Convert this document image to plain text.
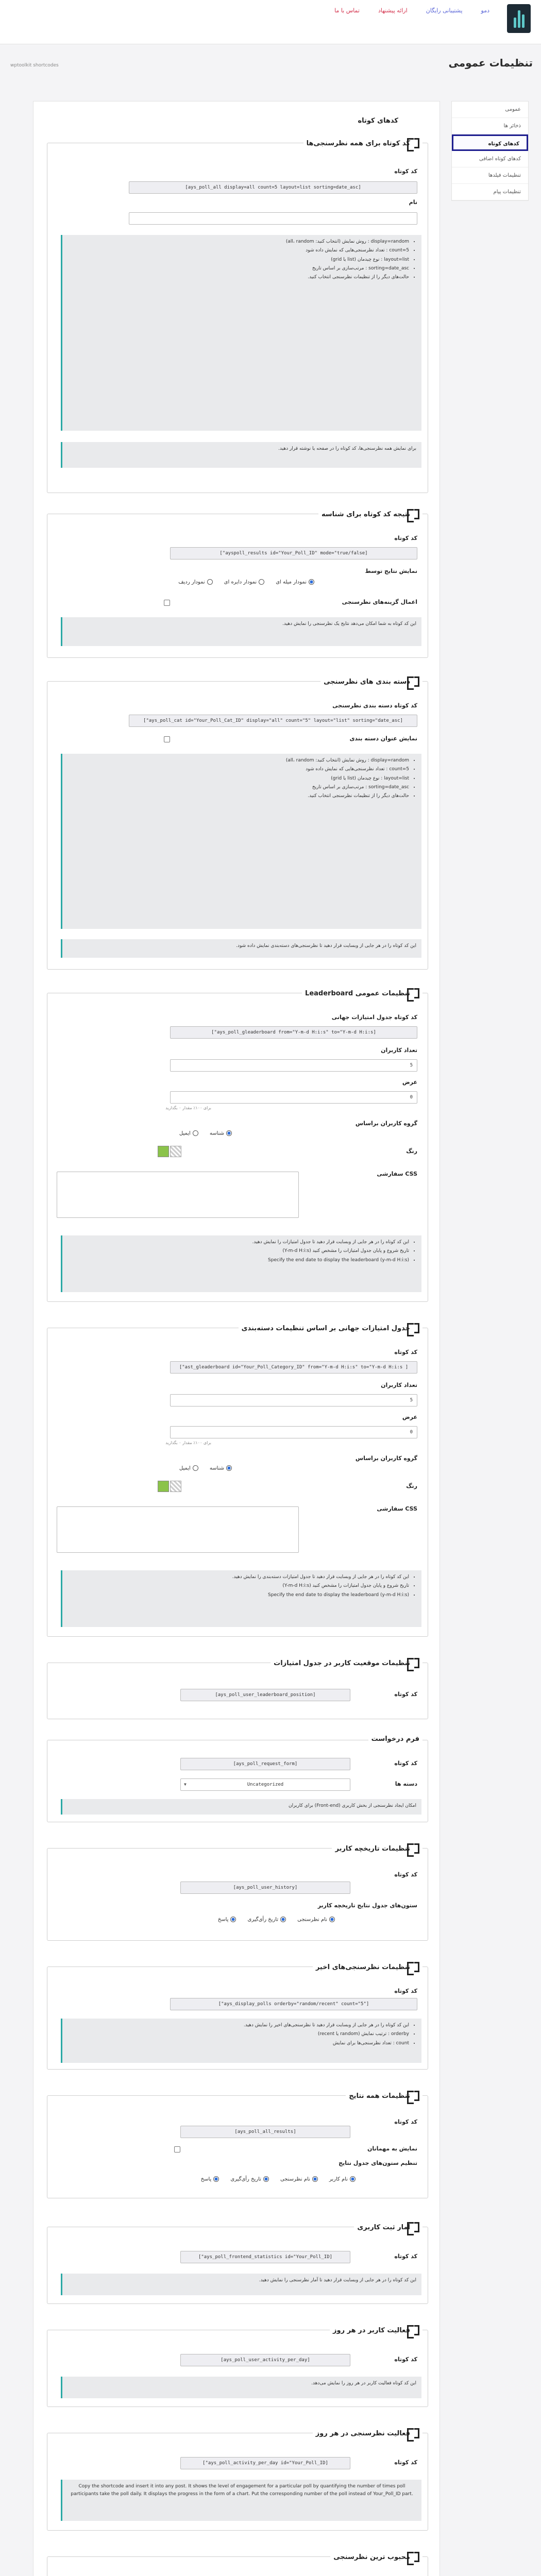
دمو
پشتیبانی رایگان
ارائه پیشنهاد
تماس با ما
تنظیمات عمومی
wptoolkit shortcodes
عمومی
ذخائر ها
کدهای کوتاه
کدهای کوتاه اضافی
تنظیمات فیلدها
تنظیمات پیام
کدهای کوتاه
کد کوتاه برای همه نظرسنجی‌ها
کد کوتاه
[ays_poll_all display=all count=5 layout=list sorting=date_asc]
نام
• display=random : روش نمایش (انتخاب کنید: all، random)
• count=5 : تعداد نظرسنجی‌هایی که نمایش داده شود
• layout=list : نوع چیدمان (list یا grid)
• sorting=date_asc : مرتب‌سازی بر اساس تاریخ
• حالت‌های دیگر را از تنظیمات نظرسنجی انتخاب کنید.
برای نمایش همه نظرسنجی‌ها، کد کوتاه را در صفحه یا نوشته قرار دهید.
نتیجه کد کوتاه برای شناسه
کد کوتاه
[ayspoll_results id="Your_Poll_ID" mode="true/false"]
نمایش نتایج توسط
نمودار میله ای
نمودار دایره ای
نمودار ردیف
اعمال گزینه‌های نظرسنجی
این کد کوتاه به شما امکان می‌دهد نتایج یک نظرسنجی را نمایش دهید.
دسته بندی های نظرسنجی
کد کوتاه دسته بندی نظرسنجی
[ays_poll_cat id="Your_Poll_Cat_ID" display="all" count="5" layout="list" sorting="date_asc"]
نمایش عنوان دسته بندی
• display=random : روش نمایش (انتخاب کنید: all، random)
• count=5 : تعداد نظرسنجی‌هایی که نمایش داده شود
• layout=list : نوع چیدمان (list یا grid)
• sorting=date_asc : مرتب‌سازی بر اساس تاریخ
• حالت‌های دیگر را از تنظیمات نظرسنجی انتخاب کنید.
این کد کوتاه را در هر جایی از وبسایت قرار دهید تا نظرسنجی‌های دسته‌بندی نمایش داده شود.
تنظیمات عمومی Leaderboard
کد کوتاه جدول امتیازات جهانی
[ays_poll_gleaderboard from="Y-m-d H:i:s" to="Y-m-d H:i:s"]
تعداد کاربران
5
عرض
0
برای ۱۰۰٪ مقدار ۰ بگذارید
گروه کاربران براساس
شناسه
ایمیل
رنگ
CSS سفارشی
• این کد کوتاه را در هر جایی از وبسایت قرار دهید تا جدول امتیازات را نمایش دهید.
• تاریخ شروع و پایان جدول امتیازات را مشخص کنید (Y-m-d H:i:s)
• Specify the end date to display the leaderboard (y-m-d H:i:s)
جدول امتیازات جهانی بر اساس تنظیمات دسته‌بندی
کد کوتاه
[ ast_gleaderboard id="Your_Poll_Category_ID" from="Y-m-d H:i:s" to="Y-m-d H:i:s"]
تعداد کاربران
5
عرض
0
برای ۱۰۰٪ مقدار ۰ بگذارید
گروه کاربران براساس
شناسه
ایمیل
رنگ
CSS سفارشی
• این کد کوتاه را در هر جایی از وبسایت قرار دهید تا جدول امتیازات دسته‌بندی را نمایش دهید.
• تاریخ شروع و پایان جدول امتیازات را مشخص کنید (Y-m-d H:i:s)
• Specify the end date to display the leaderboard (y-m-d H:i:s)
تنظیمات موقعیت کاربر در جدول امتیازات
کد کوتاه
[ays_poll_user_leaderboard_position]
فرم درخواست
کد کوتاه
[ays_poll_request_form]
دسته ها
Uncategorized
▼
امکان ایجاد نظرسنجی از بخش کاربری (Front-end) برای کاربران
تنظیمات تاریخچه کاربر
کد کوتاه
[ays_poll_user_history]
ستون‌های جدول نتایج تاریخچه کاربر
نام نظرسنجی
تاریخ رأی‌گیری
پاسخ
تنظیمات نظرسنجی‌های اخیر
کد کوتاه
["ays_display_polls orderby="random/recent" count="5"]
• این کد کوتاه را در هر جایی از وبسایت قرار دهید تا نظرسنجی‌های اخیر را نمایش دهید.
• orderby : ترتیب نمایش (random یا recent)
• count : تعداد نظرسنجی‌ها برای نمایش
تنظیمات همه نتایج
کد کوتاه
[ays_poll_all_results]
نمایش به مهمانان
تنظیم ستون‌های جدول نتایج
نام کاربر
نام نظرسنجی
تاریخ رأی‌گیری
پاسخ
آمار ثبت کاربری
کد کوتاه
[ays_poll_frontend_statistics id="Your_Poll_ID"]
این کد کوتاه را در هر جایی از وبسایت قرار دهید تا آمار نظرسنجی را نمایش دهید.
فعالیت کاربر در هر روز
کد کوتاه
[ays_poll_user_activity_per_day]
این کد کوتاه فعالیت کاربر در هر روز را نمایش می‌دهد.
فعالیت نظرسنجی در هر روز
کد کوتاه
[ays_poll_activity_per_day id="Your_Poll_ID"]
Copy the shortcode and insert it into any post. It shows the level of engagement for a particular poll by quantifying the number of times poll participants take the poll daily. It displays the progress in the form of a chart. Put the corresponding number of the poll instead of Your_Poll_ID part.
محبوب ترین نظرسنجی
